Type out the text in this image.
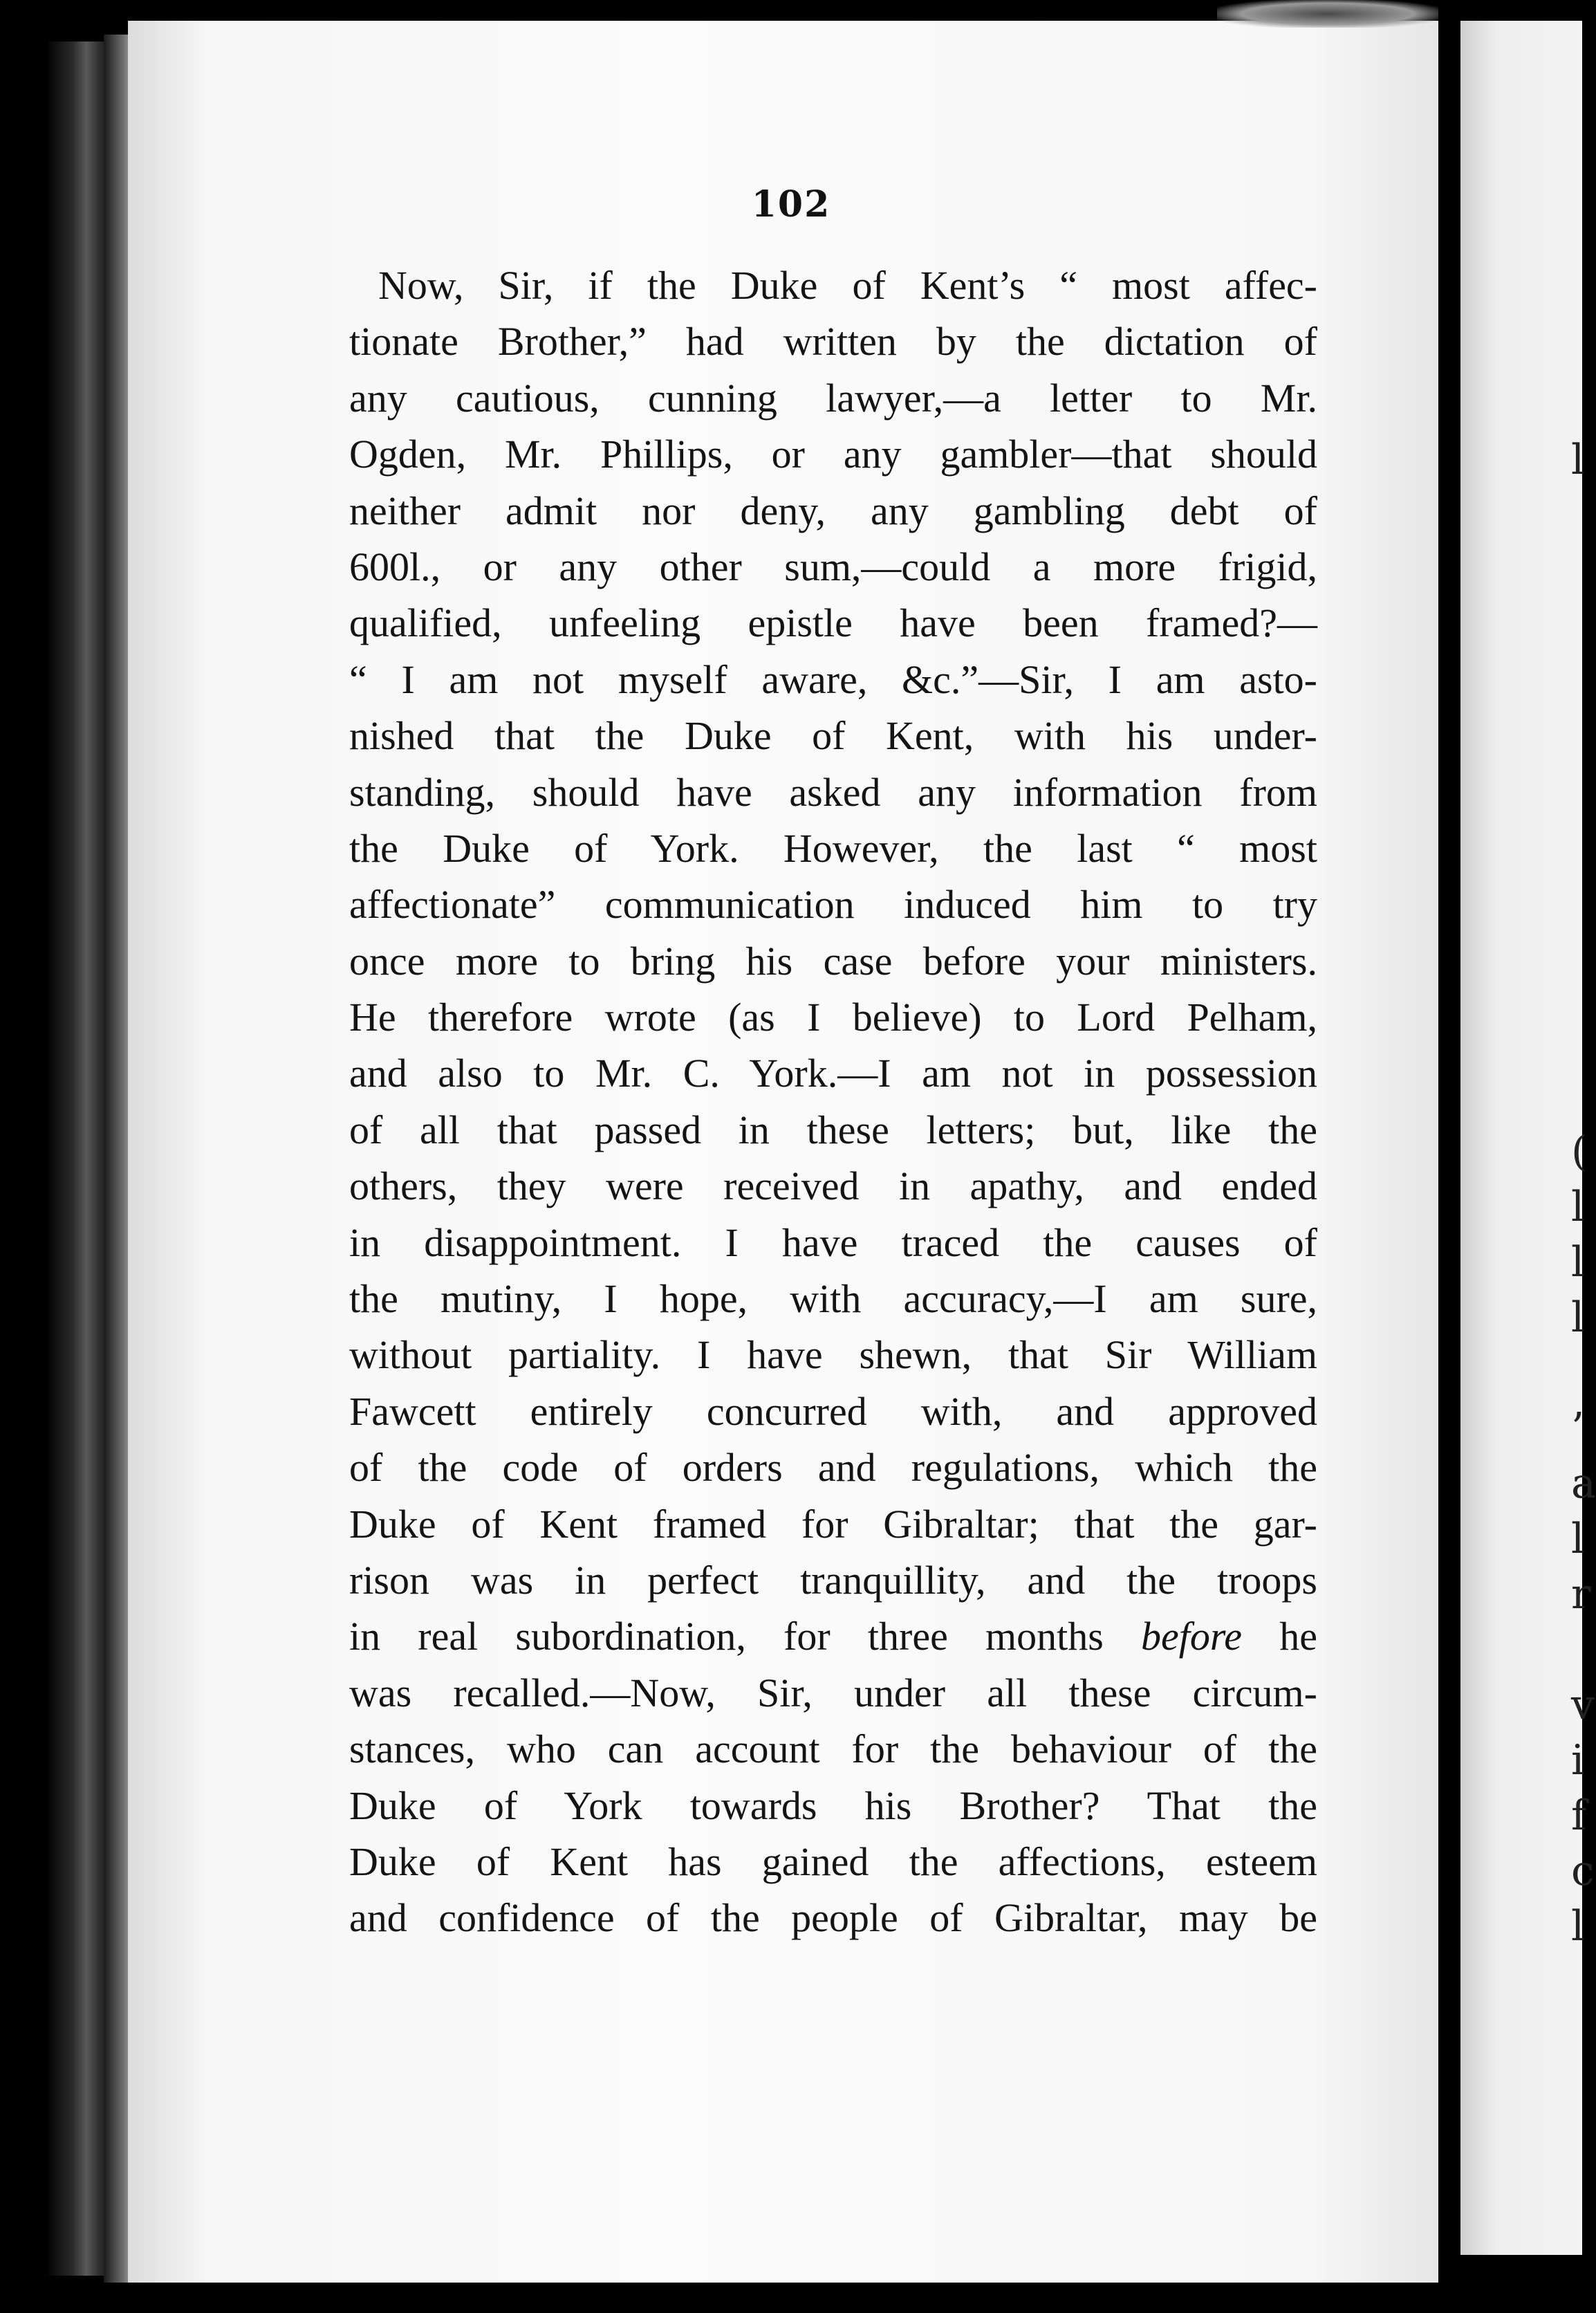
l
(
l
l
l
’
a
l
r
v
i
f
c
l
102
Now, Sir, if the Duke of Kent’s “ most affec-
tionate Brother,” had written by the dictation of
any cautious, cunning lawyer,—a letter to Mr.
Ogden, Mr. Phillips, or any gambler—that should
neither admit nor deny, any gambling debt of
600l., or any other sum,—could a more frigid,
qualified, unfeeling epistle have been framed?—
“ I am not myself aware, &c.”—Sir, I am asto-
nished that the Duke of Kent, with his under-
standing, should have asked any information from
the Duke of York. However, the last “ most
affectionate” communication induced him to try
once more to bring his case before your ministers.
He therefore wrote (as I believe) to Lord Pelham,
and also to Mr. C. York.—I am not in possession
of all that passed in these letters; but, like the
others, they were received in apathy, and ended
in disappointment. I have traced the causes of
the mutiny, I hope, with accuracy,—I am sure,
without partiality. I have shewn, that Sir William
Fawcett entirely concurred with, and approved
of the code of orders and regulations, which the
Duke of Kent framed for Gibraltar; that the gar-
rison was in perfect tranquillity, and the troops
in real subordination, for three months before he
was recalled.—Now, Sir, under all these circum-
stances, who can account for the behaviour of the
Duke of York towards his Brother? That the
Duke of Kent has gained the affections, esteem
and confidence of the people of Gibraltar, may be
